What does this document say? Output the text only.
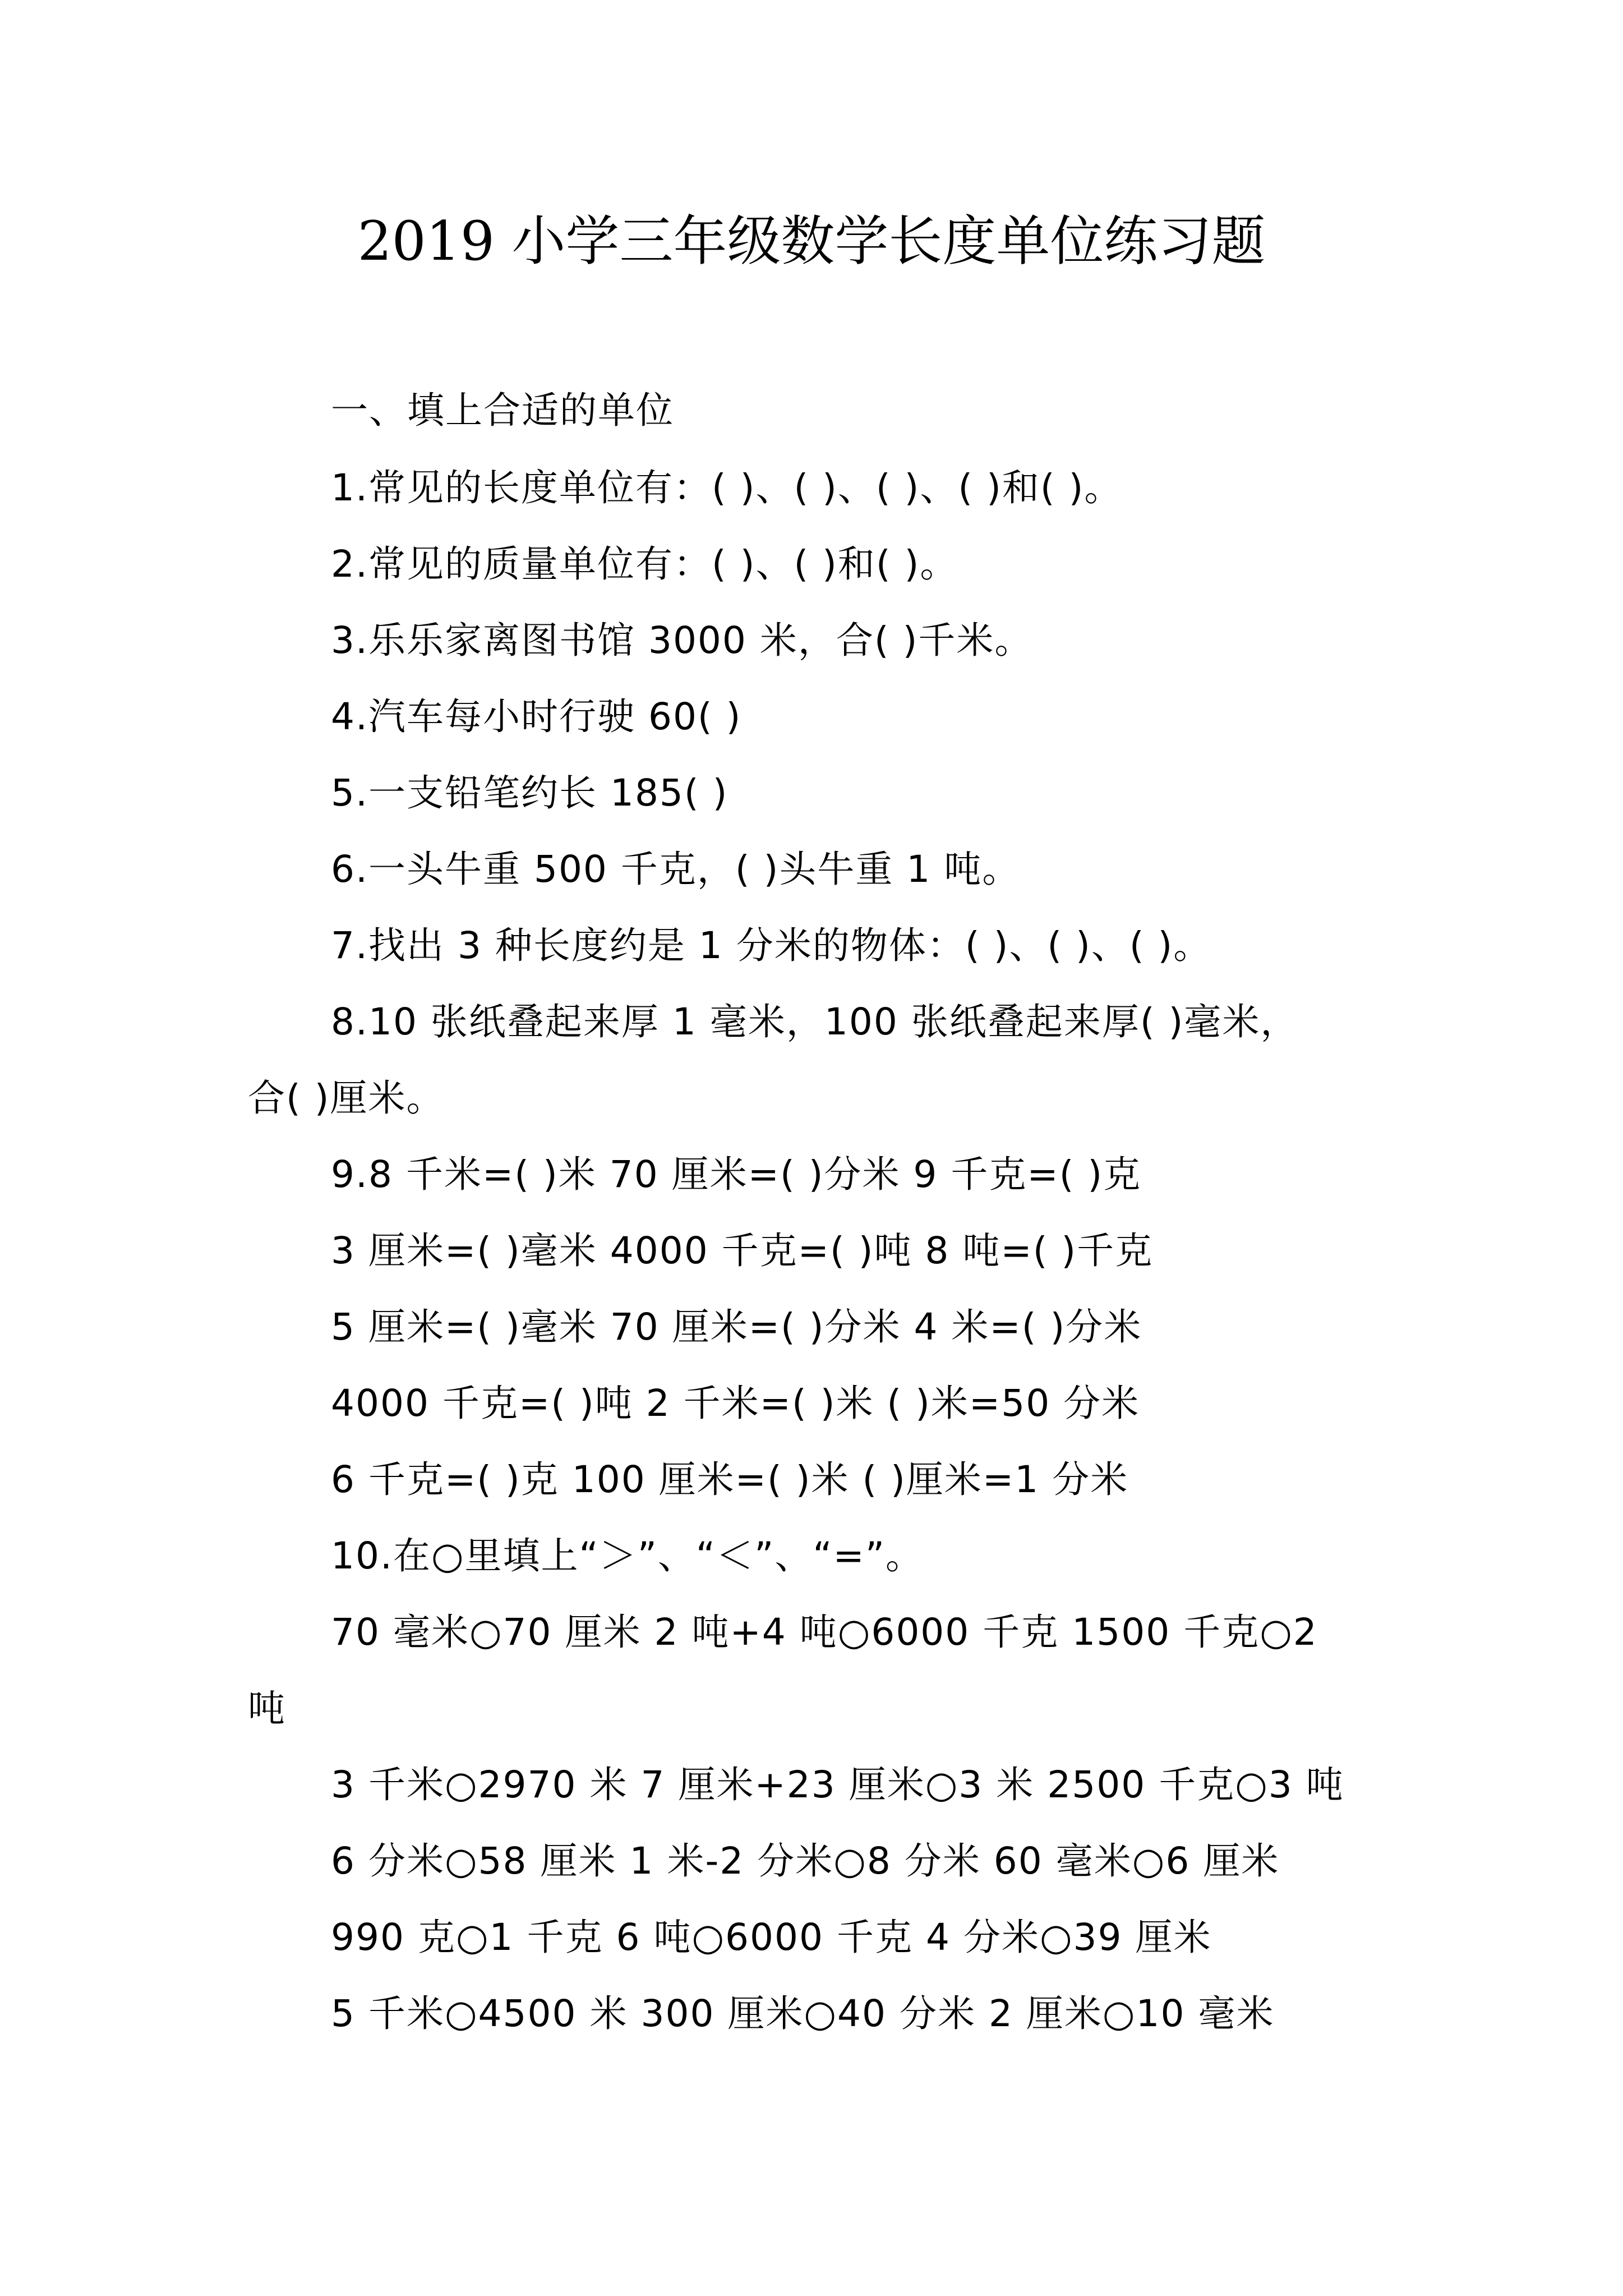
2019 小学三年级数学长度单位练习题
一、填上合适的单位
1.常见的长度单位有：( )、( )、( )、( )和( )。
2.常见的质量单位有：( )、( )和( )。
3.乐乐家离图书馆 3000 米，合( )千米。
4.汽车每小时行驶 60( )
5.一支铅笔约长 185( )
6.一头牛重 500 千克，( )头牛重 1 吨。
7.找出 3 种长度约是 1 分米的物体：( )、( )、( )。
8.10 张纸叠起来厚 1 毫米，100 张纸叠起来厚( )毫米，
合( )厘米。
9.8 千米=( )米 70 厘米=( )分米 9 千克=( )克
3 厘米=( )毫米 4000 千克=( )吨 8 吨=( )千克
5 厘米=( )毫米 70 厘米=( )分米 4 米=( )分米
4000 千克=( )吨 2 千米=( )米 ( )米=50 分米
6 千克=( )克 100 厘米=( )米 ( )厘米=1 分米
10.在○里填上“＞”、“＜”、“=”。
70 毫米○70 厘米 2 吨+4 吨○6000 千克 1500 千克○2
吨
3 千米○2970 米 7 厘米+23 厘米○3 米 2500 千克○3 吨
6 分米○58 厘米 1 米-2 分米○8 分米 60 毫米○6 厘米
990 克○1 千克 6 吨○6000 千克 4 分米○39 厘米
5 千米○4500 米 300 厘米○40 分米 2 厘米○10 毫米
